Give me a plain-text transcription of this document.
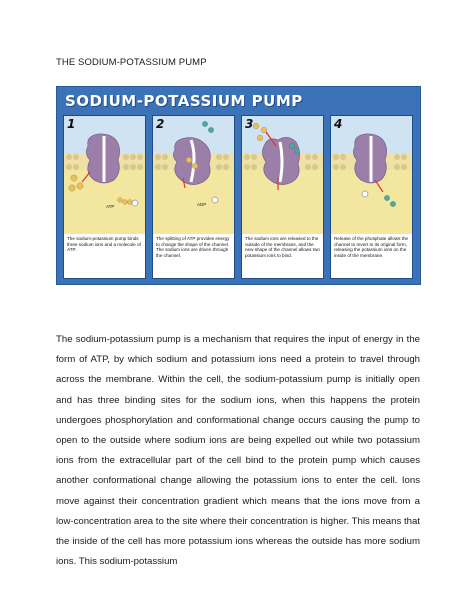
THE SODIUM-POTASSIUM PUMP
SODIUM-POTASSIUM PUMP
ATP
1
The sodium-potassium pump binds three sodium ions and a molecule of ATP.
ADP
2
The splitting of ATP provides energy to change the shape of the channel. The sodium ions are driven through the channel.
3
The sodium ions are released to the outside of the membrane, and the new shape of the channel allows two potassium ions to bind.
4
Release of the phosphate allows the channel to revert to its original form, releasing the potassium ions on the inside of the membrane.
The sodium-potassium pump is a mechanism that requires the input of energy in the form of ATP, by which sodium and potassium ions need a protein to travel through across the membrane. Within the cell, the sodium-potassium pump is initially open and has three binding sites for the sodium ions, when this happens the protein undergoes phosphorylation and conformational change occurs causing the pump to open to the outside where sodium ions are being expelled out while two potassium ions from the extracellular part of the cell bind to the protein pump which causes another conformational change allowing the potassium ions to enter the cell. Ions move against their concentration gradient which means that the ions move from a low-concentration area to the site where their concentration is higher. This means that the inside of the cell has more potassium ions whereas the outside has more sodium ions. This sodium-potassium
